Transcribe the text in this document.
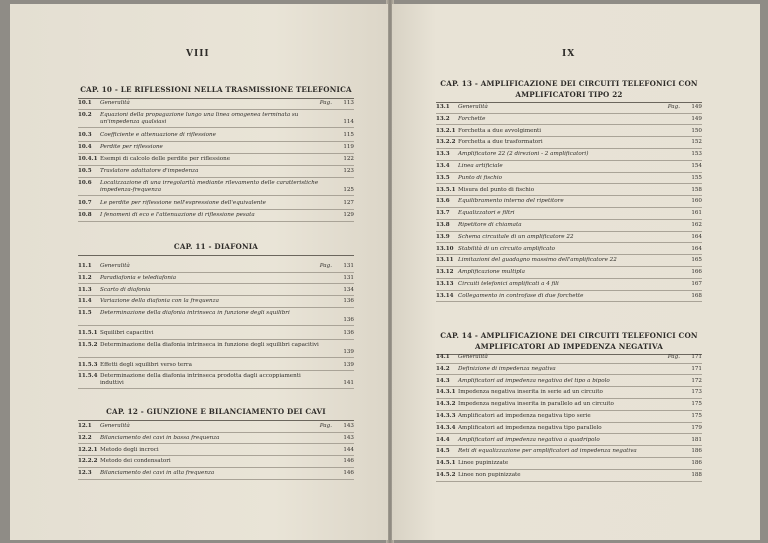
VIII
CAP. 10 - LE RIFLESSIONI NELLA TRASMISSIONE TELEFONICA
10.1 Generalità	113
Pag.
10.2 Equazioni della propagazione lungo una linea omogenea terminata su un'impedenza qualsiasi	114
10.3 Coefficiente e attenuazione di riflessione	115
10.4 Perdite per riflessione	119
10.4.1 Esempi di calcolo delle perdite per riflessione	122
10.5 Traslatore adattatore d'impedenza	123
10.6 Localizzazione di una irregolarità mediante rilevamento delle caratteristiche impedenza-frequenza	125
10.7 Le perdite per riflessione nell'espressione dell'equivalente	127
10.8 I fenomeni di eco e l'attenuazione di riflessione pesata	129
CAP. 11 - DIAFONIA
11.1 Generalità	131
Pag.
11.2 Paradiafonia e telediafonia	131
11.3 Scarto di diafonia	134
11.4 Variazione della diafonia con la frequenza	136
11.5 Determinazione della diafonia intrinseca in funzione degli squilibri
136
11.5.1 Squilibri capacitivi	136
11.5.2 Determinazione della diafonia intrinseca in funzione degli squilibri capacitivi
139
11.5.3 Effetti degli squilibri verso terra	139
11.5.4 Determinazione della diafonia intrinseca prodotta dagli accoppiamenti induttivi	141
CAP. 12 - GIUNZIONE E BILANCIAMENTO DEI CAVI
12.1 Generalità	143
Pag.
12.2 Bilanciamento dei cavi in bassa frequenza	143
12.2.1 Metodo degli incroci	144
12.2.2 Metodo dei condensatori	146
12.3 Bilanciamento dei cavi in alta frequenza	146
IX
CAP. 13 - AMPLIFICAZIONE DEI CIRCUITI TELEFONICI CON AMPLIFICATORI TIPO 22
13.1 Generalità	149
Pag.
13.2 Forchette	149
13.2.1 Forchetta a due avvolgimenti	150
13.2.2 Forchetta a due trasformatori	152
13.3 Amplificatore 22 (2 direzioni - 2 amplificatori)	153
13.4 Linea artificiale	154
13.5 Punto di fischio	155
13.5.1 Misura del punto di fischio	158
13.6 Equilibramento interno del ripetitore	160
13.7 Equalizzatori e filtri	161
13.8 Ripetitore di chiamata	162
13.9 Schema circuitale di un amplificatore 22	164
13.10 Stabilità di un circuito amplificato	164
13.11 Limitazioni del guadagno massimo dell'amplificatore 22	165
13.12 Amplificazione multipla	166
13.13 Circuiti telefonici amplificati a 4 fili	167
13.14 Collegamento in controfase di due forchette	168
CAP. 14 - AMPLIFICAZIONE DEI CIRCUITI TELEFONICI CON AMPLIFICATORI AD IMPEDENZA NEGATIVA
14.1 Generalità	171
Pag.
14.2 Definizione di impedenza negativa	171
14.3 Amplificatori ad impedenza negativa del tipo a bipolo	172
14.3.1 Impedenza negativa inserita in serie ad un circuito	173
14.3.2 Impedenza negativa inserita in parallelo ad un circuito	175
14.3.3 Amplificatori ad impedenza negativa tipo serie	175
14.3.4 Amplificatori ad impedenza negativa tipo parallelo	179
14.4 Amplificatori ad impedenza negativa a quadripolo	181
14.5 Reti di equalizzazione per amplificatori ad impedenza negativa	186
14.5.1 Linee pupinizzate	186
14.5.2 Linee non pupinizzate	188
